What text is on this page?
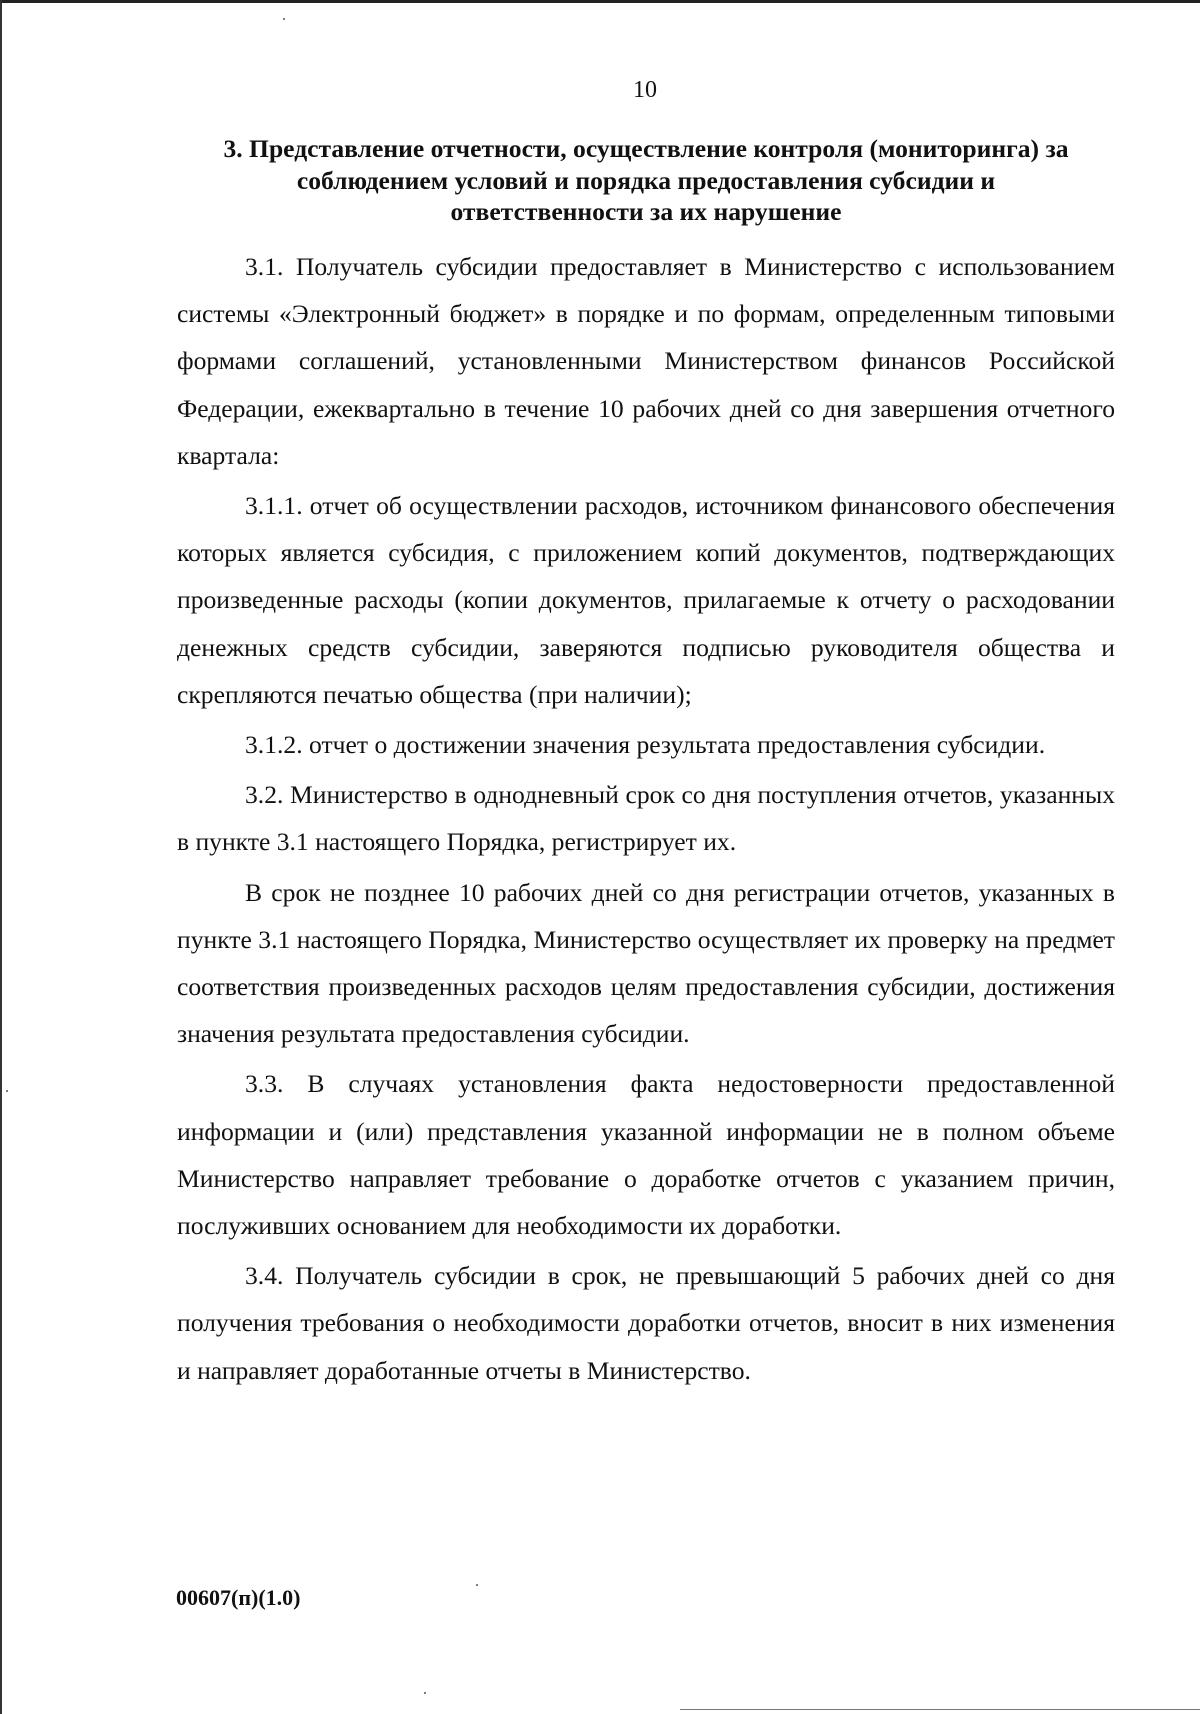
10
3. Представление отчетности, осуществление контроля (мониторинга) за
соблюдением условий и порядка предоставления субсидии и
ответственности за их нарушение

3.1. Получатель субсидии предоставляет в Министерство с использованием системы «Электронный бюджет» в порядке и по формам, определенным типовыми формами соглашений, установленными Министерством финансов Российской Федерации, ежеквартально в течение 10 рабочих дней со дня завершения отчетного квартала:

3.1.1. отчет об осуществлении расходов, источником финансового обеспечения которых является субсидия, с приложением копий документов, подтверждающих произведенные расходы (копии документов, прилагаемые к отчету о расходовании денежных средств субсидии, заверяются подписью руководителя общества и скрепляются печатью общества (при наличии);

3.1.2. отчет о достижении значения результата предоставления субсидии.

3.2. Министерство в однодневный срок со дня поступления отчетов, указанных в пункте 3.1 настоящего Порядка, регистрирует их.

В срок не позднее 10 рабочих дней со дня регистрации отчетов, указанных в пункте 3.1 настоящего Порядка, Министерство осуществляет их проверку на предмет соответствия произведенных расходов целям предоставления субсидии, достижения значения результата предоставления субсидии.

3.3. В случаях установления факта недостоверности предоставленной информации и (или) представления указанной информации не в полном объеме Министерство направляет требование о доработке отчетов с указанием причин, послуживших основанием для необходимости их доработки.

3.4. Получатель субсидии в срок, не превышающий 5 рабочих дней со дня получения требования о необходимости доработки отчетов, вносит в них изменения и направляет доработанные отчеты в Министерство.

00607(п)(1.0)
